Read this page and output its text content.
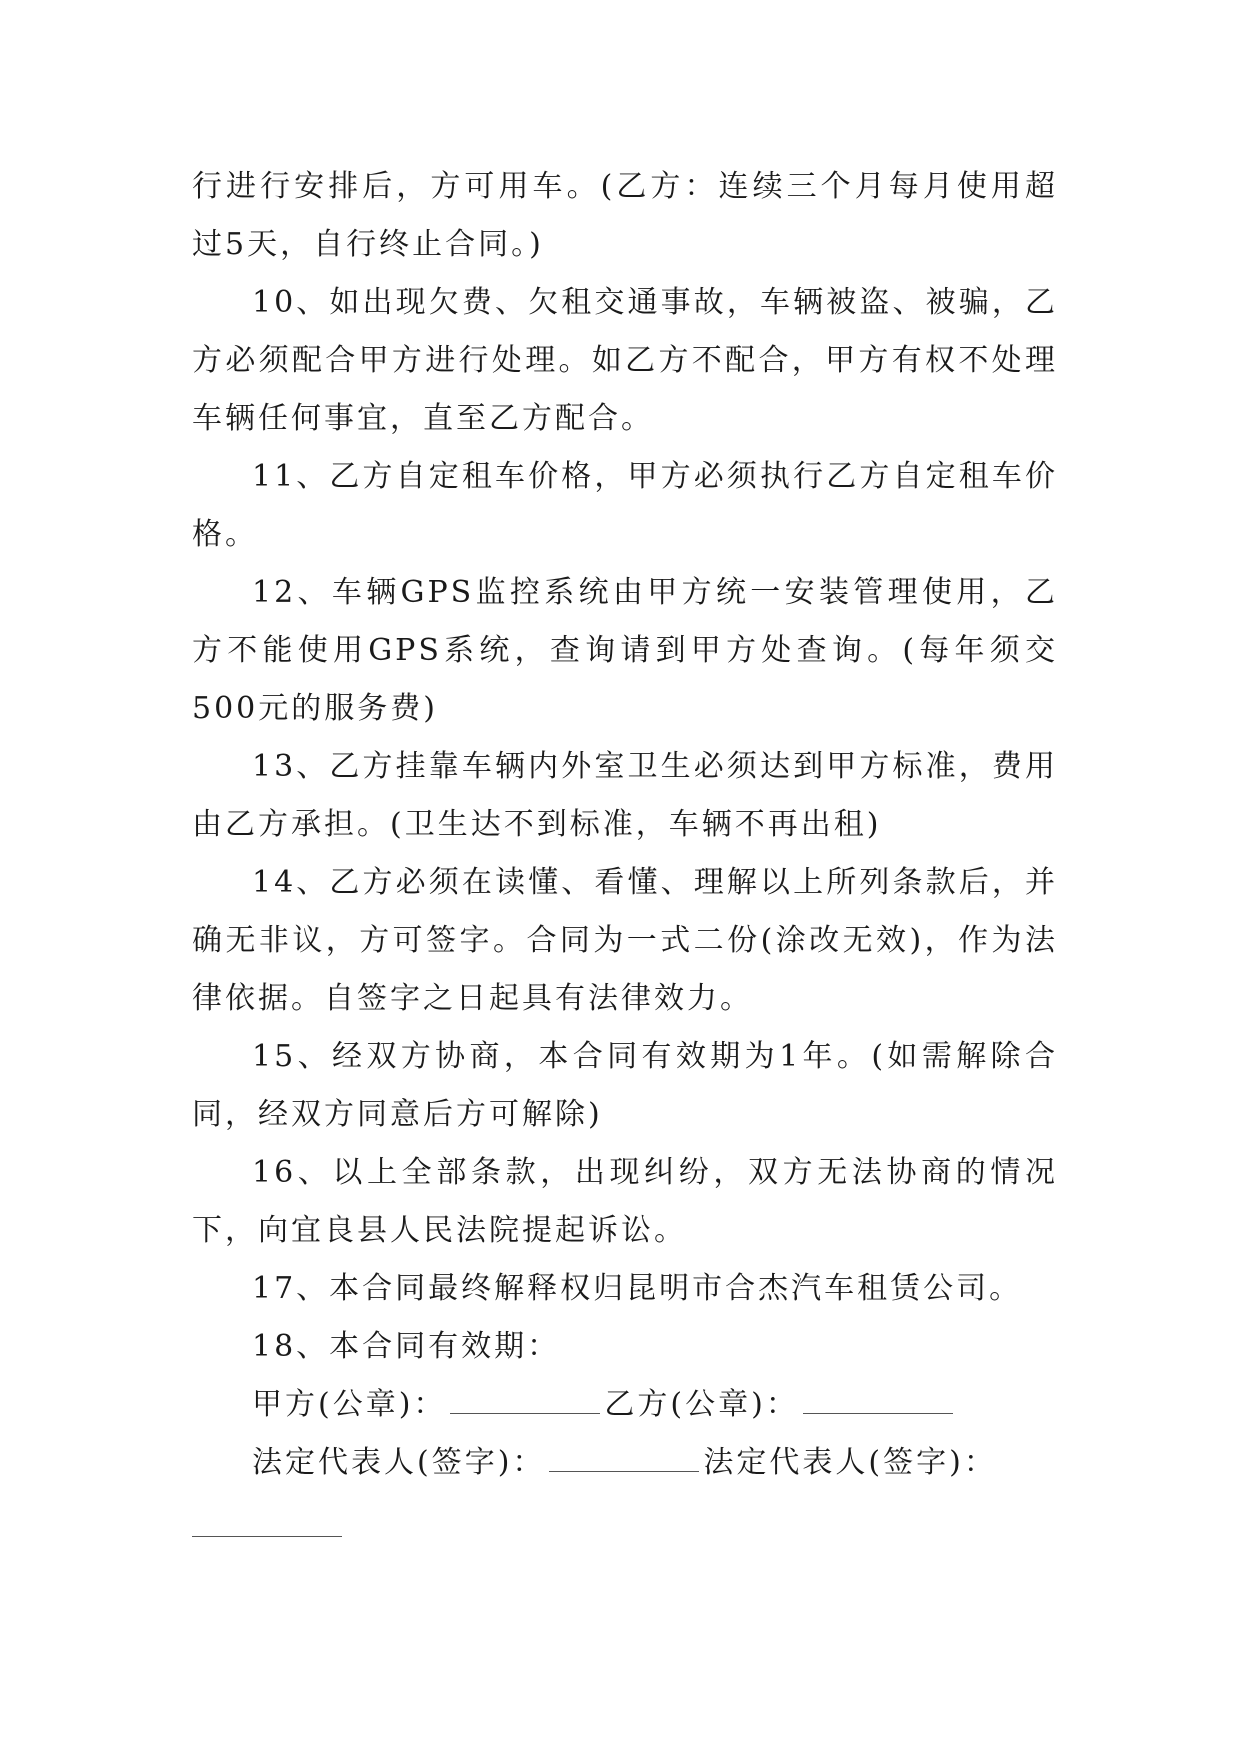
行进行安排后，方可用车。(乙方：连续三个月每月使用超过5天，自行终止合同。)

10、如出现欠费、欠租交通事故，车辆被盗、被骗，乙方必须配合甲方进行处理。如乙方不配合，甲方有权不处理车辆任何事宜，直至乙方配合。

11、乙方自定租车价格，甲方必须执行乙方自定租车价格。

12、车辆GPS监控系统由甲方统一安装管理使用，乙方不能使用GPS系统，查询请到甲方处查询。(每年须交500元的服务费)

13、乙方挂靠车辆内外室卫生必须达到甲方标准，费用由乙方承担。(卫生达不到标准，车辆不再出租)

14、乙方必须在读懂、看懂、理解以上所列条款后，并确无非议，方可签字。合同为一式二份(涂改无效)，作为法律依据。自签字之日起具有法律效力。

15、经双方协商，本合同有效期为1年。(如需解除合同，经双方同意后方可解除)

16、以上全部条款，出现纠纷，双方无法协商的情况下，向宜良县人民法院提起诉讼。

17、本合同最终解释权归昆明市合杰汽车租赁公司。

18、本合同有效期：

甲方(公章)：	乙方(公章)：

法定代表人(签字)：	法定代表人(签字)：
